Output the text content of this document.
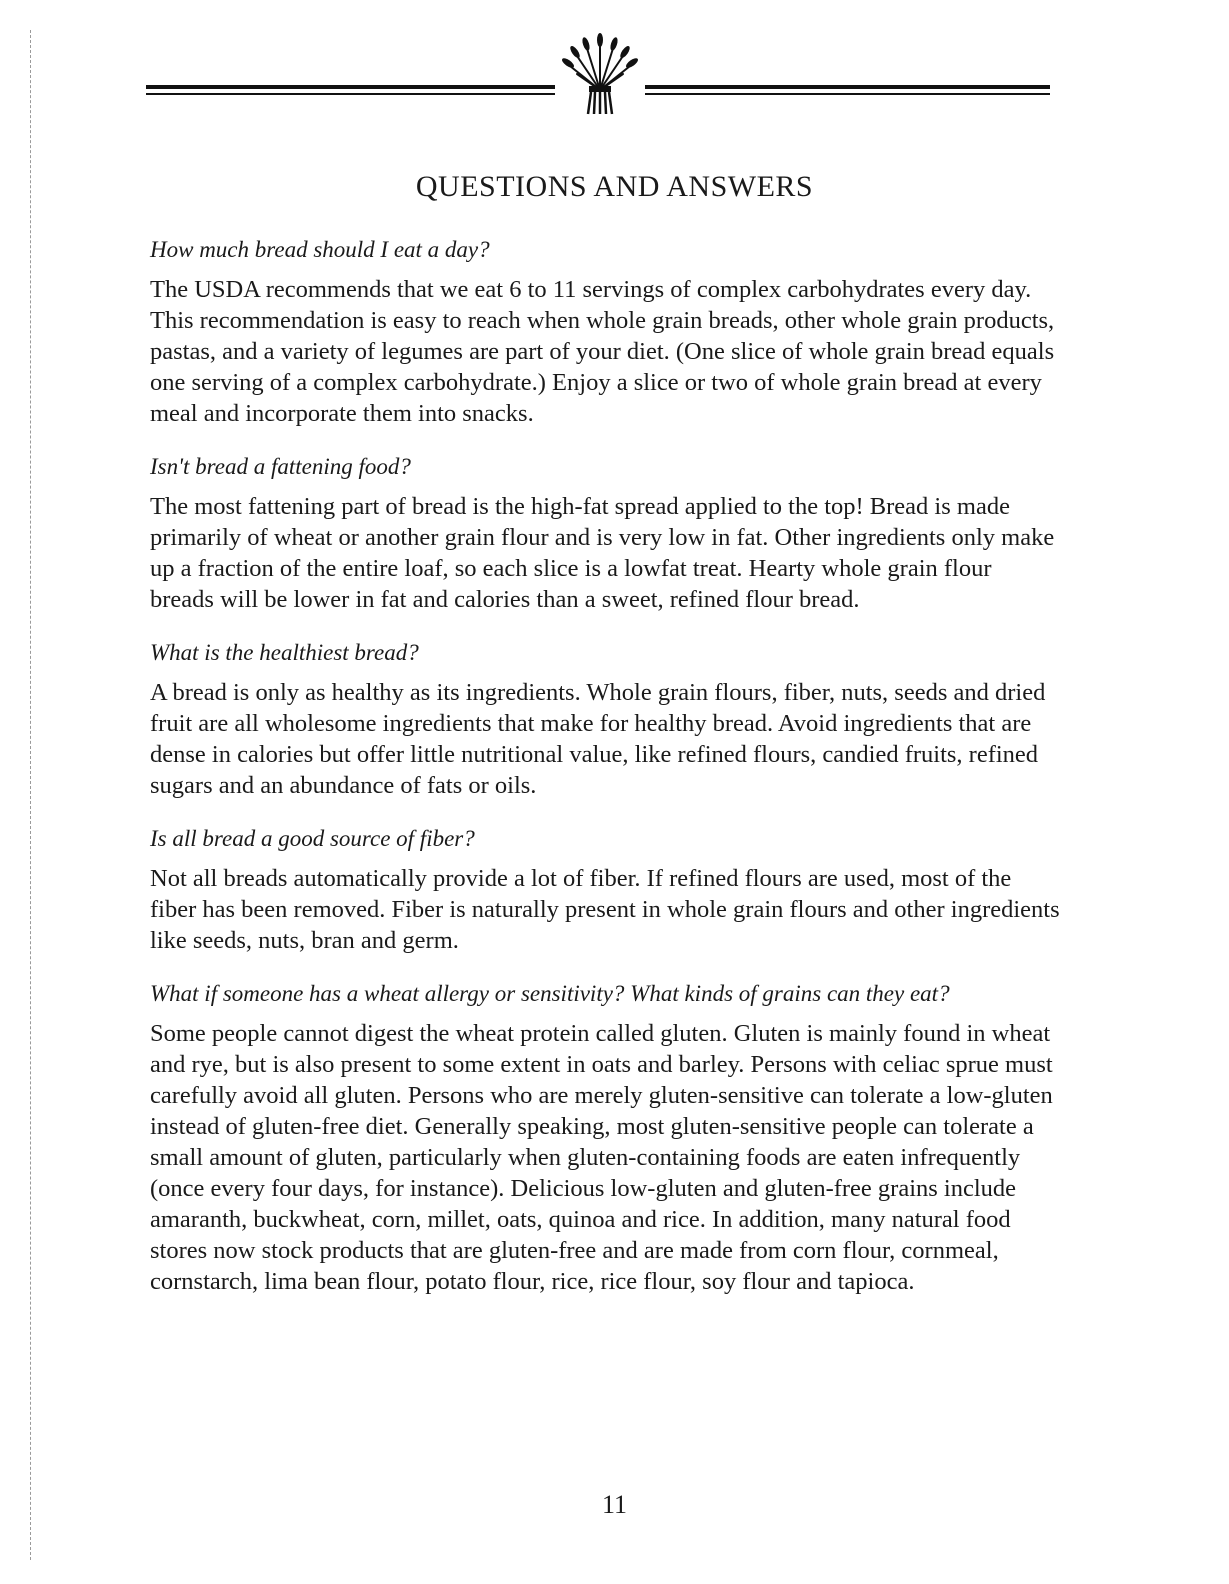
QUESTIONS AND ANSWERS

How much bread should I eat a day?

The USDA recommends that we eat 6 to 11 servings of complex carbohydrates every day. This recommendation is easy to reach when whole grain breads, other whole grain products, pastas, and a variety of legumes are part of your diet. (One slice of whole grain bread equals one serving of a complex carbohydrate.) Enjoy a slice or two of whole grain bread at every meal and incorporate them into snacks.

Isn't bread a fattening food?

The most fattening part of bread is the high-fat spread applied to the top! Bread is made primarily of wheat or another grain flour and is very low in fat. Other ingredients only make up a fraction of the entire loaf, so each slice is a lowfat treat. Hearty whole grain flour breads will be lower in fat and calories than a sweet, refined flour bread.

What is the healthiest bread?

A bread is only as healthy as its ingredients. Whole grain flours, fiber, nuts, seeds and dried fruit are all wholesome ingredients that make for healthy bread. Avoid ingredients that are dense in calories but offer little nutritional value, like refined flours, candied fruits, refined sugars and an abundance of fats or oils.

Is all bread a good source of fiber?

Not all breads automatically provide a lot of fiber. If refined flours are used, most of the fiber has been removed. Fiber is naturally present in whole grain flours and other ingredients like seeds, nuts, bran and germ.

What if someone has a wheat allergy or sensitivity? What kinds of grains can they eat?

Some people cannot digest the wheat protein called gluten. Gluten is mainly found in wheat and rye, but is also present to some extent in oats and barley. Persons with celiac sprue must carefully avoid all gluten. Persons who are merely gluten-sensitive can tolerate a low-gluten instead of gluten-free diet. Generally speaking, most gluten-sensitive people can tolerate a small amount of gluten, particularly when gluten-containing foods are eaten infrequently (once every four days, for instance). Delicious low-gluten and gluten-free grains include amaranth, buckwheat, corn, millet, oats, quinoa and rice. In addition, many natural food stores now stock products that are gluten-free and are made from corn flour, cornmeal, cornstarch, lima bean flour, potato flour, rice, rice flour, soy flour and tapioca.

11
